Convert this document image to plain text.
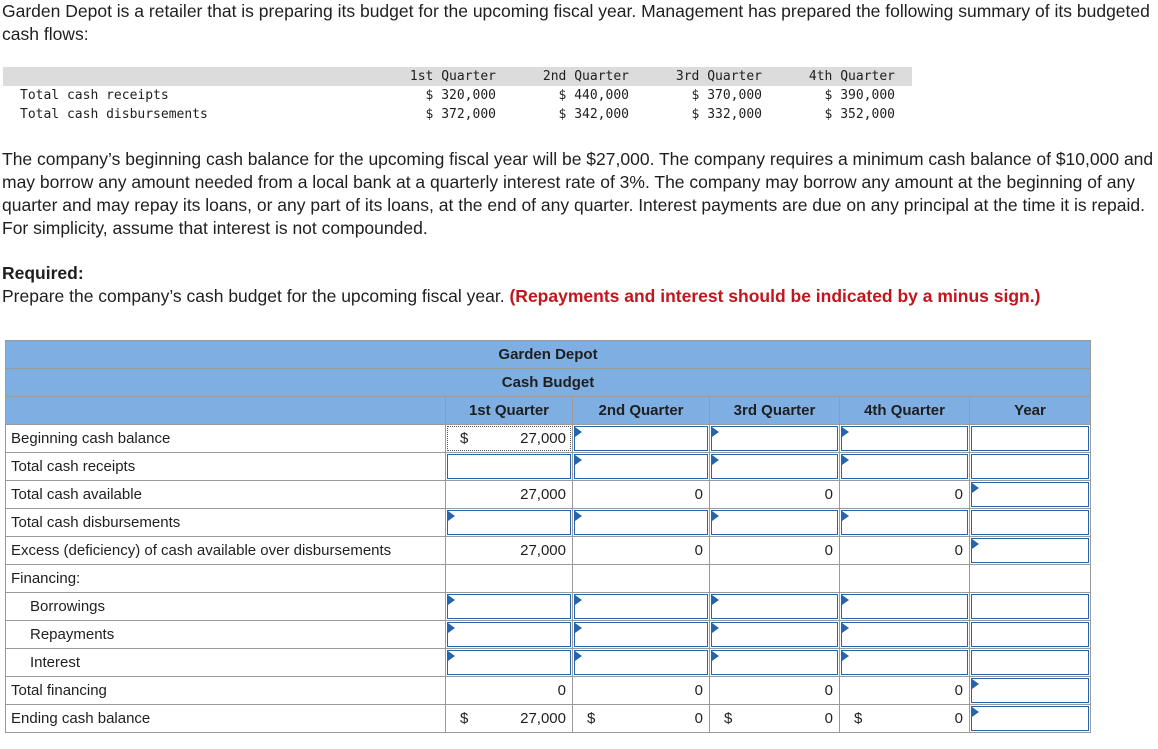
Garden Depot is a retailer that is preparing its budget for the upcoming fiscal year. Management has prepared the following summary of its budgeted cash flows:
1st Quarter	2nd Quarter	3rd Quarter	4th Quarter
Total cash receipts	$ 320,000	$ 440,000	$ 370,000	$ 390,000
Total cash disbursements	$ 372,000	$ 342,000	$ 332,000	$ 352,000
The company’s beginning cash balance for the upcoming fiscal year will be $27,000. The company requires a minimum cash balance of $10,000 and may borrow any amount needed from a local bank at a quarterly interest rate of 3%. The company may borrow any amount at the beginning of any quarter and may repay its loans, or any part of its loans, at the end of any quarter. Interest payments are due on any principal at the time it is repaid. For simplicity, assume that interest is not compounded.
Required:
Prepare the company’s cash budget for the upcoming fiscal year. (Repayments and interest should be indicated by a minus sign.)
Garden Depot					
Cash Budget					
	1st Quarter	2nd Quarter	3rd Quarter	4th Quarter	Year
Beginning cash balance	$ 27,000				

Total cash receipts	

Total cash available	27,000	0	0	0	

Total cash disbursements	

Excess (deficiency) of cash available over disbursements	27,000	0	0	0	

Financing:					
Borrowings	

Repayments	

Interest	

Total financing	0	0	0	0	

Ending cash balance	$ 27,000	$ 0	$ 0	$ 0	
